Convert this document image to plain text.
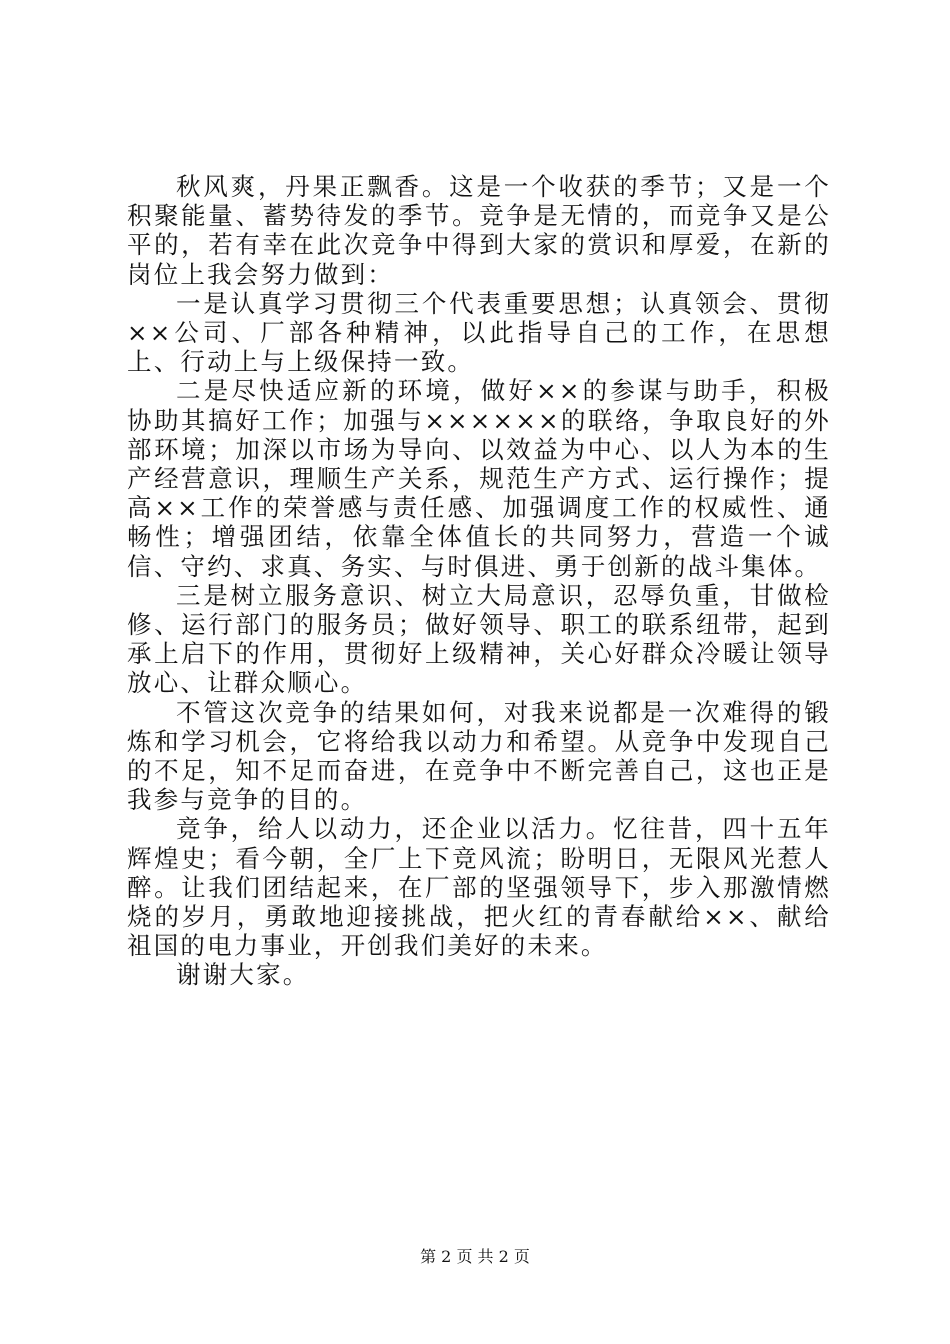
秋风爽，丹果正飘香。这是一个收获的季节；又是一个积聚能量、蓄势待发的季节。竞争是无情的，而竞争又是公平的，若有幸在此次竞争中得到大家的赏识和厚爱，在新的岗位上我会努力做到：

一是认真学习贯彻三个代表重要思想；认真领会、贯彻××公司、厂部各种精神，以此指导自己的工作，在思想上、行动上与上级保持一致。

二是尽快适应新的环境，做好××的参谋与助手，积极协助其搞好工作；加强与××××××的联络，争取良好的外部环境；加深以市场为导向、以效益为中心、以人为本的生产经营意识，理顺生产关系，规范生产方式、运行操作；提高××工作的荣誉感与责任感、加强调度工作的权威性、通畅性；增强团结，依靠全体值长的共同努力，营造一个诚信、守约、求真、务实、与时俱进、勇于创新的战斗集体。

三是树立服务意识、树立大局意识，忍辱负重，甘做检修、运行部门的服务员；做好领导、职工的联系纽带，起到承上启下的作用，贯彻好上级精神，关心好群众冷暖让领导放心、让群众顺心。

不管这次竞争的结果如何，对我来说都是一次难得的锻炼和学习机会，它将给我以动力和希望。从竞争中发现自己的不足，知不足而奋进，在竞争中不断完善自己，这也正是我参与竞争的目的。

竞争，给人以动力，还企业以活力。忆往昔，四十五年辉煌史；看今朝，全厂上下竞风流；盼明日，无限风光惹人醉。让我们团结起来，在厂部的坚强领导下，步入那激情燃烧的岁月，勇敢地迎接挑战，把火红的青春献给××、献给祖国的电力事业，开创我们美好的未来。

谢谢大家。

第 2 页 共 2 页
